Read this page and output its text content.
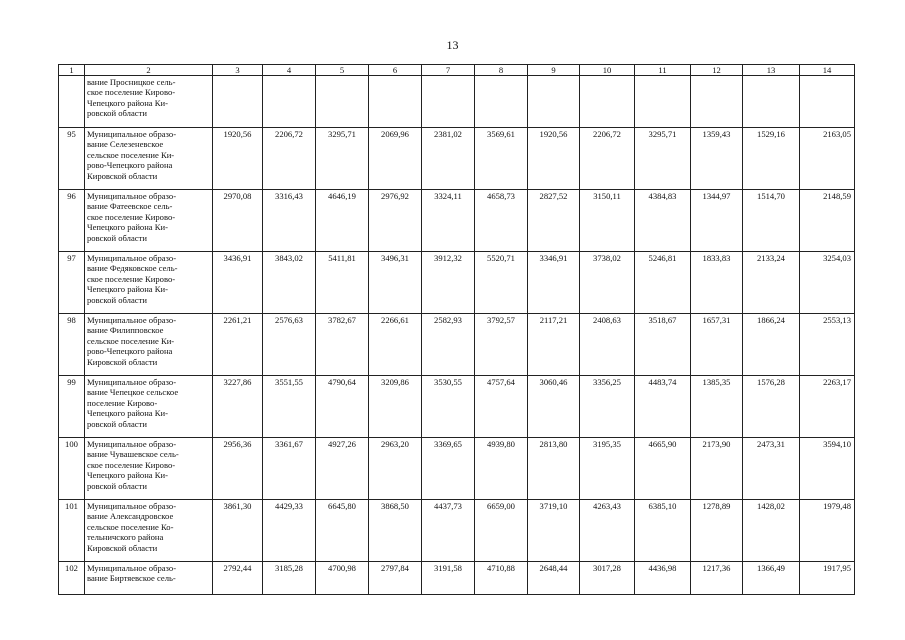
13
1	2	3	4	5	6	7	8	9	10	11	12	13	14
	вание Просницкое сель-
ское поселение Кирово-
Чепецкого района Ки-
ровской области												
95	Муниципальное образо-
вание Селезеневское
сельское поселение Ки-
рово-Чепецкого района
Кировской области	1920,56	2206,72	3295,71	2069,96	2381,02	3569,61	1920,56	2206,72	3295,71	1359,43	1529,16	2163,05
96	Муниципальное образо-
вание Фатеевское сель-
ское поселение Кирово-
Чепецкого района Ки-
ровской области	2970,08	3316,43	4646,19	2976,92	3324,11	4658,73	2827,52	3150,11	4384,83	1344,97	1514,70	2148,59
97	Муниципальное образо-
вание Федяковское сель-
ское поселение Кирово-
Чепецкого района Ки-
ровской области	3436,91	3843,02	5411,81	3496,31	3912,32	5520,71	3346,91	3738,02	5246,81	1833,83	2133,24	3254,03
98	Муниципальное образо-
вание Филипповское
сельское поселение Ки-
рово-Чепецкого района
Кировской области	2261,21	2576,63	3782,67	2266,61	2582,93	3792,57	2117,21	2408,63	3518,67	1657,31	1866,24	2553,13
99	Муниципальное образо-
вание Чепецкое сельское
поселение Кирово-
Чепецкого района Ки-
ровской области	3227,86	3551,55	4790,64	3209,86	3530,55	4757,64	3060,46	3356,25	4483,74	1385,35	1576,28	2263,17
100	Муниципальное образо-
вание Чувашевское сель-
ское поселение Кирово-
Чепецкого района Ки-
ровской области	2956,36	3361,67	4927,26	2963,20	3369,65	4939,80	2813,80	3195,35	4665,90	2173,90	2473,31	3594,10
101	Муниципальное образо-
вание Александровское
сельское поселение Ко-
тельничского района
Кировской области	3861,30	4429,33	6645,80	3868,50	4437,73	6659,00	3719,10	4263,43	6385,10	1278,89	1428,02	1979,48
102	Муниципальное образо-
вание Биртяевское сель-	2792,44	3185,28	4700,98	2797,84	3191,58	4710,88	2648,44	3017,28	4436,98	1217,36	1366,49	1917,95
